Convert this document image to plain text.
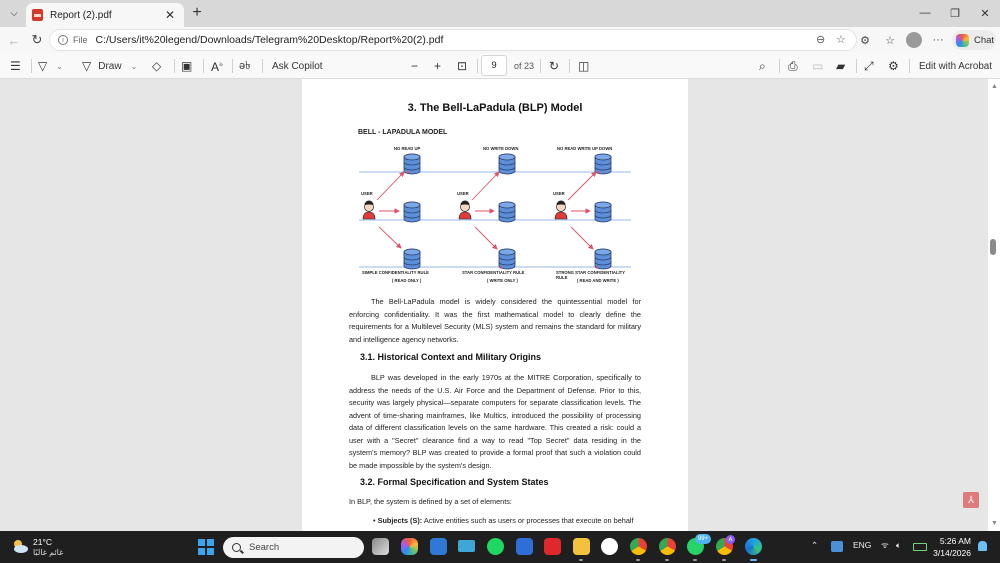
⌵	Report (2).pdf	✕ +	—	❐	✕
← ↻	i	File C:/Users/it%20legend/Downloads/Telegram%20Desktop/Report%20(2).pdf	⊖ ☆ ⚙ ☆	···	Chat
☰ ▽ ⌄ ▽ Draw ⌄ ◇ ▣ $A^৯$ ə৳ Ask Copilot	− + ⊡	9	of 23 ↻ ◫	⌕ ⎙ ▭ ▰ ⤢ ⚙ Edit with Acrobat
3. The Bell-LaPadula (BLP) Model
BELL - LAPADULA MODEL
✕
✕
✕
✕
NO READ UP	NO WRITE DOWN	NO READ WRITE UP DOWN
USER	USER	USER
SIMPLE CONFIDENTIALITY RULE
( READ ONLY )
STAR CONFIDENTIALITY RULE
( WRITE ONLY )
STRONG STAR CONFIDENTIALITY
RULE
( READ AND WRITE )
The Bell-LaPadula model is widely considered the quintessential model for enforcing confidentiality. It was the first mathematical model to clearly define the requirements for a Multilevel Security (MLS) system and remains the standard for military and intelligence agency networks.
3.1. Historical Context and Military Origins
BLP was developed in the early 1970s at the MITRE Corporation, specifically to address the needs of the U.S. Air Force and the Department of Defense. Prior to this, security was largely physical—separate computers for separate classification levels. The advent of time-sharing mainframes, like Multics, introduced the possibility of processing data of different classification levels on the same hardware. This created a risk: could a user with a "Secret" clearance find a way to read "Top Secret" data residing in the system's memory? BLP was created to provide a formal proof that such a violation could be made impossible by the system's design.
3.2. Formal Specification and System States
In BLP, the system is defined by a set of elements:
• Subjects (S): Active entities such as users or processes that execute on behalf
⅄
▲
▼
21°C
غائم غالبًا	Search
99+	A
⌃	ENG ᯤ 🔈︎	5:26 AM
3/14/2026
